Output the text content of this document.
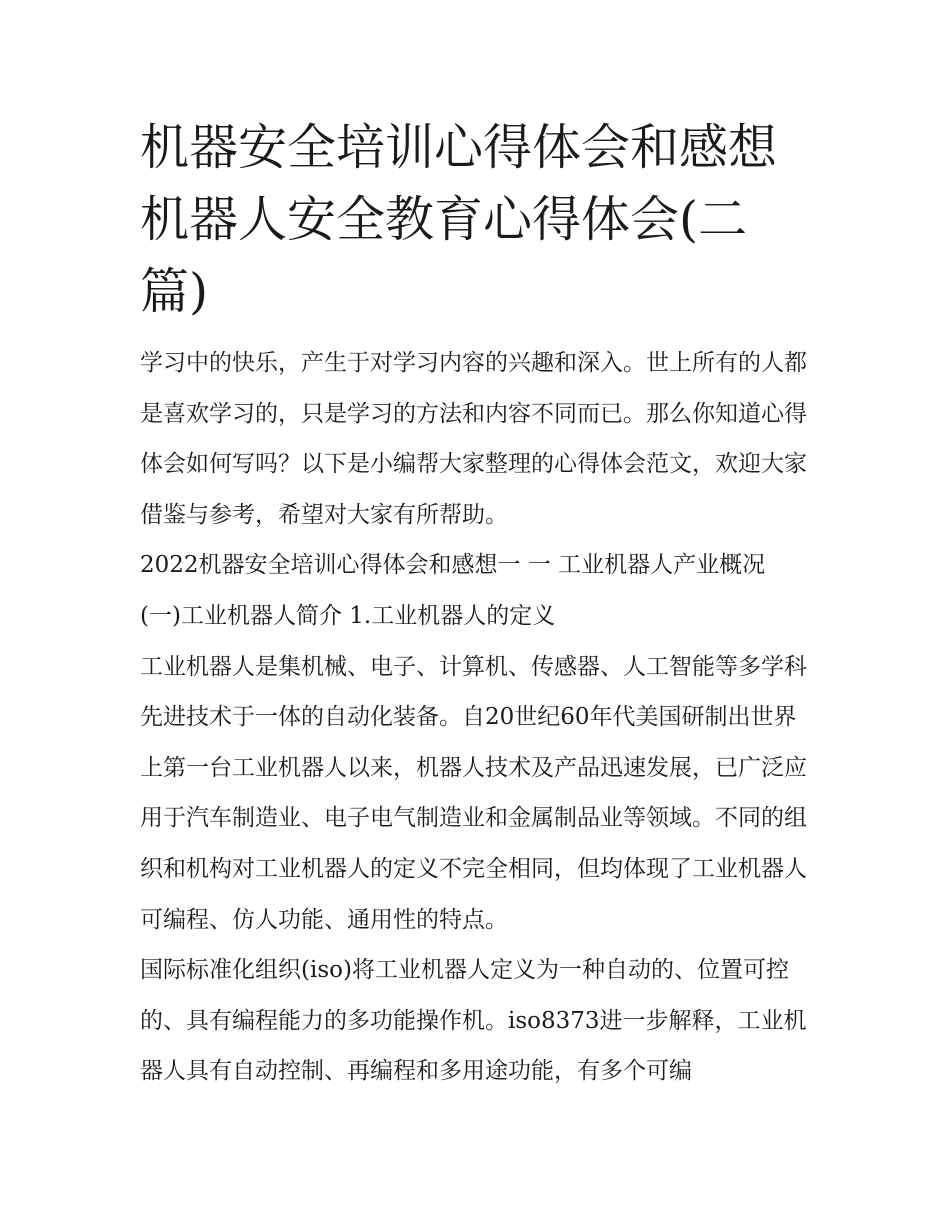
机器安全培训心得体会和感想机器人安全教育心得体会(二篇)

学习中的快乐，产生于对学习内容的兴趣和深入。世上所有的人都是喜欢学习的，只是学习的方法和内容不同而已。那么你知道心得体会如何写吗？以下是小编帮大家整理的心得体会范文，欢迎大家借鉴与参考，希望对大家有所帮助。

2022机器安全培训心得体会和感想一 一 工业机器人产业概况

(一)工业机器人简介 1.工业机器人的定义

工业机器人是集机械、电子、计算机、传感器、人工智能等多学科先进技术于一体的自动化装备。自20世纪60年代美国研制出世界上第一台工业机器人以来，机器人技术及产品迅速发展，已广泛应用于汽车制造业、电子电气制造业和金属制品业等领域。不同的组织和机构对工业机器人的定义不完全相同，但均体现了工业机器人可编程、仿人功能、通用性的特点。

国际标准化组织(iso)将工业机器人定义为一种自动的、位置可控的、具有编程能力的多功能操作机。iso8373进一步解释，工业机器人具有自动控制、再编程和多用途功能，有多个可编
